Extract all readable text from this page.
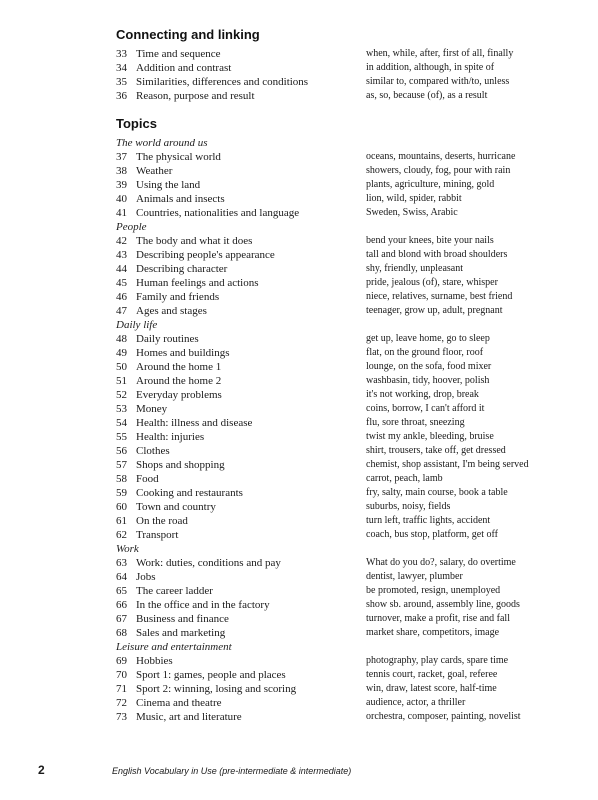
Connecting and linking
33 Time and sequence	when, while, after, first of all, finally
34 Addition and contrast	in addition, although, in spite of
35 Similarities, differences and conditions	similar to, compared with/to, unless
36 Reason, purpose and result	as, so, because (of), as a result
Topics
The world around us
37 The physical world	oceans, mountains, deserts, hurricane
38 Weather	showers, cloudy, fog, pour with rain
39 Using the land	plants, agriculture, mining, gold
40 Animals and insects	lion, wild, spider, rabbit
41 Countries, nationalities and language	Sweden, Swiss, Arabic
People
42 The body and what it does	bend your knees, bite your nails
43 Describing people's appearance	tall and blond with broad shoulders
44 Describing character	shy, friendly, unpleasant
45 Human feelings and actions	pride, jealous (of), stare, whisper
46 Family and friends	niece, relatives, surname, best friend
47 Ages and stages	teenager, grow up, adult, pregnant
Daily life
48 Daily routines	get up, leave home, go to sleep
49 Homes and buildings	flat, on the ground floor, roof
50 Around the home 1	lounge, on the sofa, food mixer
51 Around the home 2	washbasin, tidy, hoover, polish
52 Everyday problems	it's not working, drop, break
53 Money	coins, borrow, I can't afford it
54 Health: illness and disease	flu, sore throat, sneezing
55 Health: injuries	twist my ankle, bleeding, bruise
56 Clothes	shirt, trousers, take off, get dressed
57 Shops and shopping	chemist, shop assistant, I'm being served
58 Food	carrot, peach, lamb
59 Cooking and restaurants	fry, salty, main course, book a table
60 Town and country	suburbs, noisy, fields
61 On the road	turn left, traffic lights, accident
62 Transport	coach, bus stop, platform, get off
Work
63 Work: duties, conditions and pay	What do you do?, salary, do overtime
64 Jobs	dentist, lawyer, plumber
65 The career ladder	be promoted, resign, unemployed
66 In the office and in the factory	show sb. around, assembly line, goods
67 Business and finance	turnover, make a profit, rise and fall
68 Sales and marketing	market share, competitors, image
Leisure and entertainment
69 Hobbies	photography, play cards, spare time
70 Sport 1: games, people and places	tennis court, racket, goal, referee
71 Sport 2: winning, losing and scoring	win, draw, latest score, half-time
72 Cinema and theatre	audience, actor, a thriller
73 Music, art and literature	orchestra, composer, painting, novelist
2	English Vocabulary in Use (pre-intermediate & intermediate)
